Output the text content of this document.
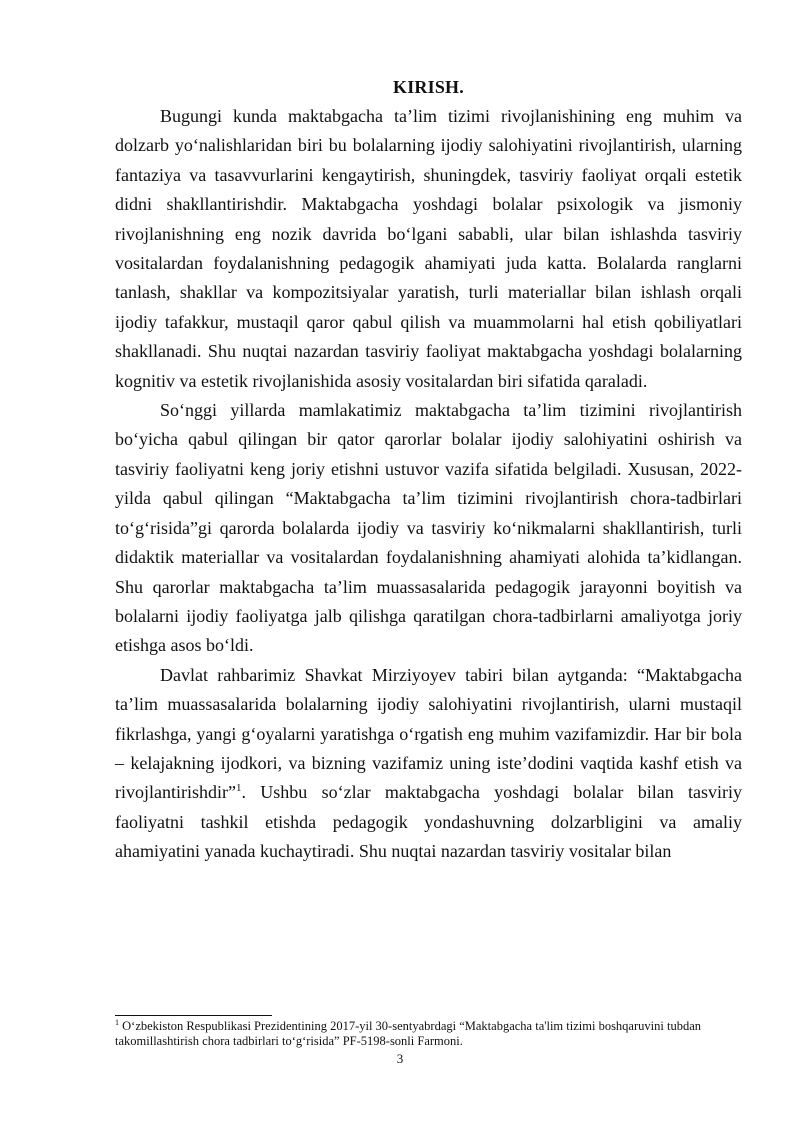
KIRISH.

Bugungi kunda maktabgacha ta’lim tizimi rivojlanishining eng muhim va dolzarb yo‘nalishlaridan biri bu bolalarning ijodiy salohiyatini rivojlantirish, ularning fantaziya va tasavvurlarini kengaytirish, shuningdek, tasviriy faoliyat orqali estetik didni shakllantirishdir. Maktabgacha yoshdagi bolalar psixologik va jismoniy rivojlanishning eng nozik davrida bo‘lgani sababli, ular bilan ishlashda tasviriy vositalardan foydalanishning pedagogik ahamiyati juda katta. Bolalarda ranglarni tanlash, shakllar va kompozitsiyalar yaratish, turli materiallar bilan ishlash orqali ijodiy tafakkur, mustaqil qaror qabul qilish va muammolarni hal etish qobiliyatlari shakllanadi. Shu nuqtai nazardan tasviriy faoliyat maktabgacha yoshdagi bolalarning kognitiv va estetik rivojlanishida asosiy vositalardan biri sifatida qaraladi.

So‘nggi yillarda mamlakatimiz maktabgacha ta’lim tizimini rivojlantirish bo‘yicha qabul qilingan bir qator qarorlar bolalar ijodiy salohiyatini oshirish va tasviriy faoliyatni keng joriy etishni ustuvor vazifa sifatida belgiladi. Xususan, 2022-yilda qabul qilingan “Maktabgacha ta’lim tizimini rivojlantirish chora-tadbirlari to‘g‘risida”gi qarorda bolalarda ijodiy va tasviriy ko‘nikmalarni shakllantirish, turli didaktik materiallar va vositalardan foydalanishning ahamiyati alohida ta’kidlangan. Shu qarorlar maktabgacha ta’lim muassasalarida pedagogik jarayonni boyitish va bolalarni ijodiy faoliyatga jalb qilishga qaratilgan chora-tadbirlarni amaliyotga joriy etishga asos bo‘ldi.

Davlat rahbarimiz Shavkat Mirziyoyev tabiri bilan aytganda: “Maktabgacha ta’lim muassasalarida bolalarning ijodiy salohiyatini rivojlantirish, ularni mustaqil fikrlashga, yangi g‘oyalarni yaratishga o‘rgatish eng muhim vazifamizdir. Har bir bola – kelajakning ijodkori, va bizning vazifamiz uning iste’dodini vaqtida kashf etish va rivojlantirishdir”$^1$. Ushbu so‘zlar maktabgacha yoshdagi bolalar bilan tasviriy faoliyatni tashkil etishda pedagogik yondashuvning dolzarbligini va amaliy ahamiyatini yanada kuchaytiradi. Shu nuqtai nazardan tasviriy vositalar bilan

$^1$ O‘zbekiston Respublikasi Prezidentining 2017-yil 30-sentyabrdagi “Maktabgacha ta'lim tizimi boshqaruvini tubdan takomillashtirish chora tadbirlari to‘g‘risida” PF-5198-sonli Farmoni.

3
